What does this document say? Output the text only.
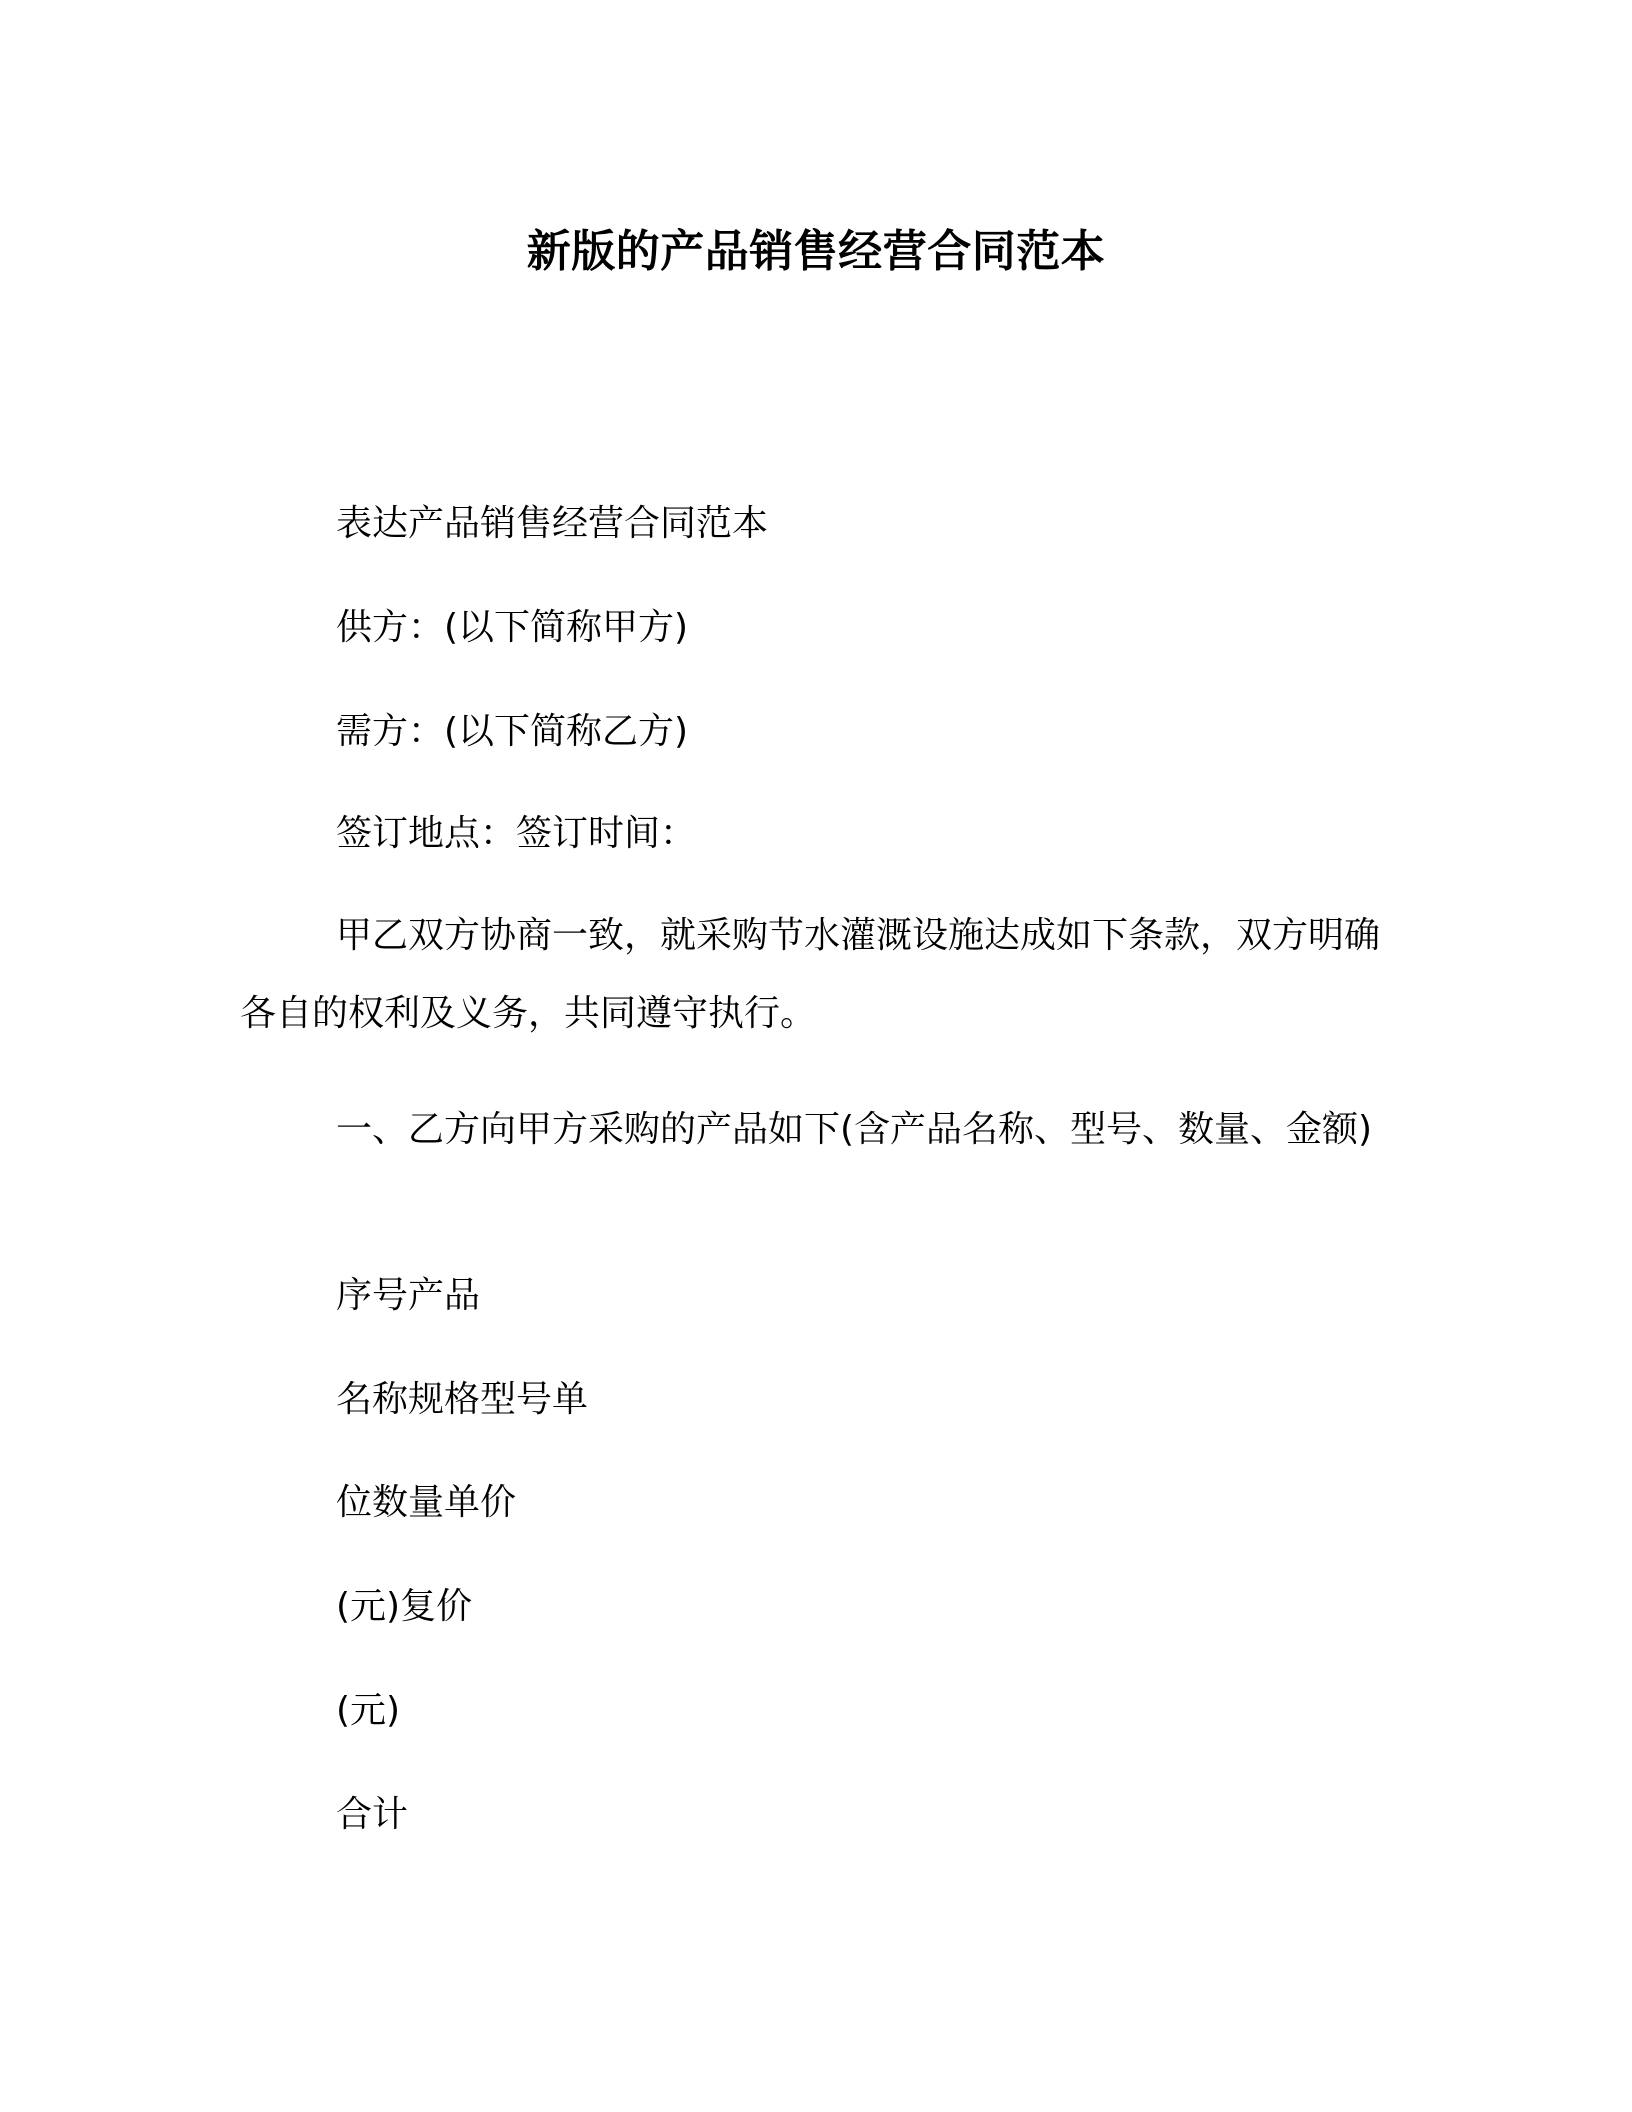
新版的产品销售经营合同范本
表达产品销售经营合同范本
供方：(以下简称甲方)
需方：(以下简称乙方)
签订地点：签订时间：
甲乙双方协商一致，就采购节水灌溉设施达成如下条款，双方明确各自的权利及义务，共同遵守执行。
一、乙方向甲方采购的产品如下(含产品名称、型号、数量、金额)
序号产品
名称规格型号单
位数量单价
(元)复价
(元)
合计
